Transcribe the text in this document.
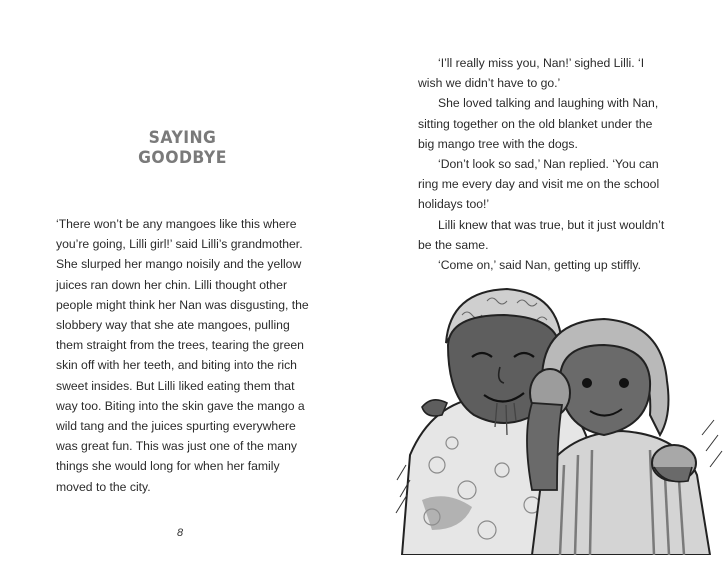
SAYING GOODBYE

‘There won’t be any mangoes like this where you’re going, Lilli girl!’ said Lilli’s grandmother. She slurped her mango noisily and the yellow juices ran down her chin. Lilli thought other people might think her Nan was disgusting, the slobbery way that she ate mangoes, pulling them straight from the trees, tearing the green skin off with her teeth, and biting into the rich sweet insides. But Lilli liked eating them that way too. Biting into the skin gave the mango a wild tang and the juices spurting everywhere was great fun. This was just one of the many things she would long for when her family moved to the city.

8

‘I’ll really miss you, Nan!’ sighed Lilli. ‘I wish we didn’t have to go.’

She loved talking and laughing with Nan, sitting together on the old blanket under the big mango tree with the dogs.

‘Don’t look so sad,’ Nan replied. ‘You can ring me every day and visit me on the school holidays too!’

Lilli knew that was true, but it just wouldn’t be the same.

‘Come on,’ said Nan, getting up stiffly.
